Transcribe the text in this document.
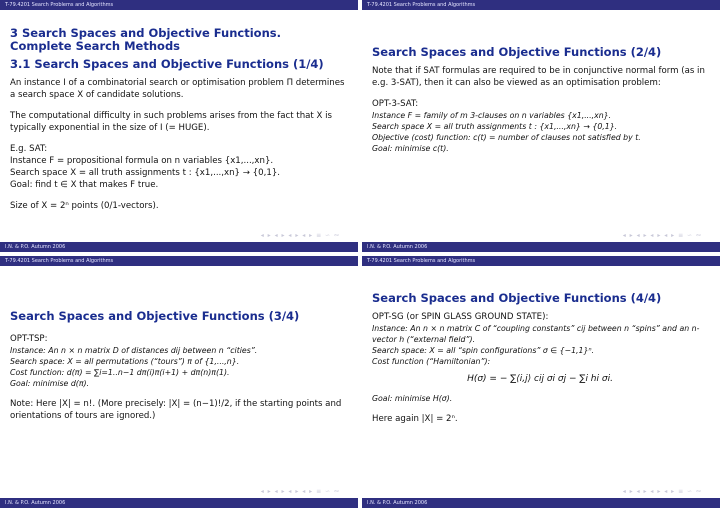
T-79.4201 Search Problems and Algorithms
3 Search Spaces and Objective Functions.
Complete Search Methods
3.1 Search Spaces and Objective Functions (1/4)

An instance I of a combinatorial search or optimisation problem Π determines a search space X of candidate solutions.

The computational difficulty in such problems arises from the fact that X is typically exponential in the size of I (= HUGE).

E.g. SAT:
Instance F = propositional formula on n variables {x1,...,xn}.
Search space X = all truth assignments t : {x1,...,xn} → {0,1}.

Goal: find t ∈ X that makes F true.

Size of X = 2ⁿ points (0/1-vectors).
◂ ▸ ◂ ▸ ◂ ▸ ◂ ▸ ≡ ∽ ∾
I.N. & P.O. Autumn 2006
T-79.4201 Search Problems and Algorithms
Search Spaces and Objective Functions (2/4)

Note that if SAT formulas are required to be in conjunctive normal form (as in e.g. 3-SAT), then it can also be viewed as an optimisation problem:

OPT-3-SAT:
Instance F = family of m 3-clauses on n variables {x1,...,xn}.
Search space X = all truth assignments t : {x1,...,xn} → {0,1}.
Objective (cost) function: c(t) = number of clauses not satisfied by t.
Goal: minimise c(t).
◂ ▸ ◂ ▸ ◂ ▸ ◂ ▸ ≡ ∽ ∾
I.N. & P.O. Autumn 2006
T-79.4201 Search Problems and Algorithms
Search Spaces and Objective Functions (3/4)
OPT-TSP:
Instance: An n × n matrix D of distances dij between n “cities”.
Search space: X = all permutations (“tours”) π of {1,...,n}.
Cost function: d(π) = ∑i=1..n−1 dπ(i)π(i+1) + dπ(n)π(1).

Goal: minimise d(π).

Note: Here |X| = n!. (More precisely: |X| = (n−1)!/2, if the starting points and orientations of tours are ignored.)
◂ ▸ ◂ ▸ ◂ ▸ ◂ ▸ ≡ ∽ ∾
I.N. & P.O. Autumn 2006
T-79.4201 Search Problems and Algorithms
Search Spaces and Objective Functions (4/4)
OPT-SG (or SPIN GLASS GROUND STATE):
Instance: An n × n matrix C of “coupling constants” cij between n “spins” and an n-vector h (“external field”).
Search space: X = all “spin configurations” σ ∈ {−1,1}ⁿ.
Cost function (“Hamiltonian”):
H(σ) = − ∑⟨i,j⟩ cij σi σj − ∑i hi σi.

Goal: minimise H(σ).

Here again |X| = 2ⁿ.
◂ ▸ ◂ ▸ ◂ ▸ ◂ ▸ ≡ ∽ ∾
I.N. & P.O. Autumn 2006
